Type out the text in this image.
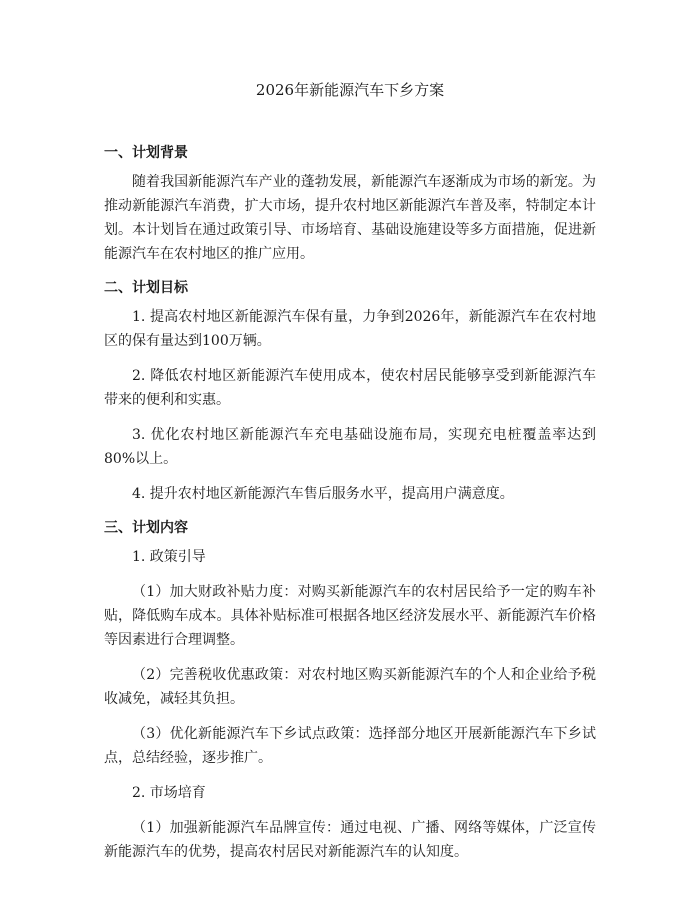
2026年新能源汽车下乡方案
一、计划背景

随着我国新能源汽车产业的蓬勃发展，新能源汽车逐渐成为市场的新宠。为推动新能源汽车消费，扩大市场，提升农村地区新能源汽车普及率，特制定本计划。本计划旨在通过政策引导、市场培育、基础设施建设等多方面措施，促进新能源汽车在农村地区的推广应用。

二、计划目标

1. 提高农村地区新能源汽车保有量，力争到2026年，新能源汽车在农村地区的保有量达到100万辆。

2. 降低农村地区新能源汽车使用成本，使农村居民能够享受到新能源汽车带来的便利和实惠。

3. 优化农村地区新能源汽车充电基础设施布局，实现充电桩覆盖率达到80%以上。

4. 提升农村地区新能源汽车售后服务水平，提高用户满意度。

三、计划内容

1. 政策引导

（1）加大财政补贴力度：对购买新能源汽车的农村居民给予一定的购车补贴，降低购车成本。具体补贴标准可根据各地区经济发展水平、新能源汽车价格等因素进行合理调整。

（2）完善税收优惠政策：对农村地区购买新能源汽车的个人和企业给予税收减免，减轻其负担。

（3）优化新能源汽车下乡试点政策：选择部分地区开展新能源汽车下乡试点，总结经验，逐步推广。

2. 市场培育

（1）加强新能源汽车品牌宣传：通过电视、广播、网络等媒体，广泛宣传新能源汽车的优势，提高农村居民对新能源汽车的认知度。
